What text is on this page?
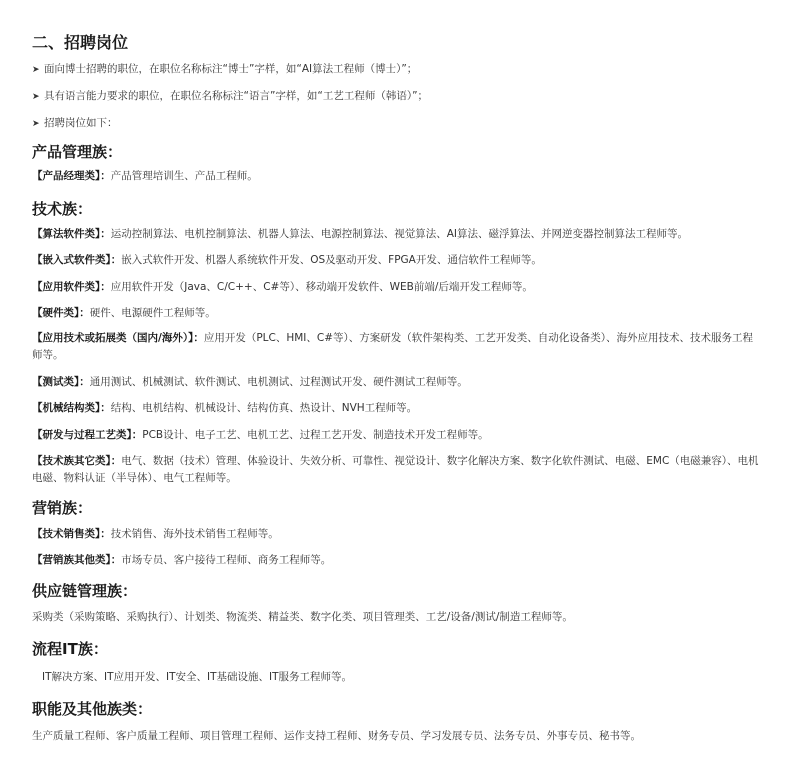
二、招聘岗位
➤ 面向博士招聘的职位，在职位名称标注“博士”字样，如“AI算法工程师（博士）”；
➤ 具有语言能力要求的职位，在职位名称标注“语言”字样，如“工艺工程师（韩语）”；
➤ 招聘岗位如下：
产品管理族：
【产品经理类】：产品管理培训生、产品工程师。
技术族：
【算法软件类】：运动控制算法、电机控制算法、机器人算法、电源控制算法、视觉算法、AI算法、磁浮算法、并网逆变器控制算法工程师等。
【嵌入式软件类】：嵌入式软件开发、机器人系统软件开发、OS及驱动开发、FPGA开发、通信软件工程师等。
【应用软件类】：应用软件开发（Java、C/C++、C#等）、移动端开发软件、WEB前端/后端开发工程师等。
【硬件类】：硬件、电源硬件工程师等。
【应用技术或拓展类（国内/海外）】：应用开发（PLC、HMI、C#等）、方案研发（软件架构类、工艺开发类、自动化设备类）、海外应用技术、技术服务工程师等。
【测试类】：通用测试、机械测试、软件测试、电机测试、过程测试开发、硬件测试工程师等。
【机械结构类】：结构、电机结构、机械设计、结构仿真、热设计、NVH工程师等。
【研发与过程工艺类】：PCB设计、电子工艺、电机工艺、过程工艺开发、制造技术开发工程师等。
【技术族其它类】：电气、数据（技术）管理、体验设计、失效分析、可靠性、视觉设计、数字化解决方案、数字化软件测试、电磁、EMC（电磁兼容）、电机电磁、物料认证（半导体）、电气工程师等。
营销族：
【技术销售类】：技术销售、海外技术销售工程师等。
【营销族其他类】：市场专员、客户接待工程师、商务工程师等。
供应链管理族：
采购类（采购策略、采购执行）、计划类、物流类、精益类、数字化类、项目管理类、工艺/设备/测试/制造工程师等。
流程IT族：
IT解决方案、IT应用开发、IT安全、IT基础设施、IT服务工程师等。
职能及其他族类：
生产质量工程师、客户质量工程师、项目管理工程师、运作支持工程师、财务专员、学习发展专员、法务专员、外事专员、秘书等。
